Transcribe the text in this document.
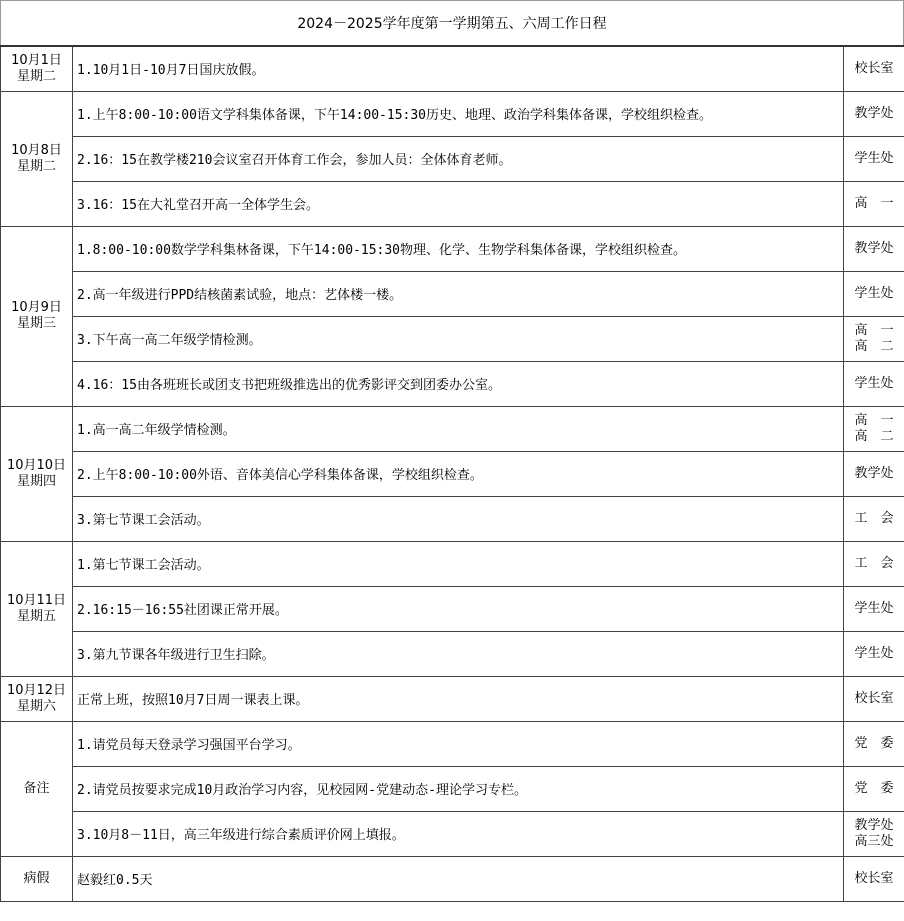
2024－2025学年度第一学期第五、六周工作日程
10月1日
星期二	1.10月1日-10月7日国庆放假。	校长室

10月8日
星期二	1.上午8:00-10:00语文学科集体备课，下午14:00-15:30历史、地理、政治学科集体备课，学校组织检查。	教学处

	2.16：15在教学楼210会议室召开体育工作会，参加人员：全体体育老师。	学生处

	3.16：15在大礼堂召开高一全体学生会。	高　一

10月9日
星期三	1.8:00-10:00数学学科集林备课，下午14:00-15:30物理、化学、生物学科集体备课，学校组织检查。	教学处

	2.高一年级进行PPD结核菌素试验，地点：艺体楼一楼。	学生处

	3.下午高一高二年级学情检测。	高　一
高　二

	4.16：15由各班班长或团支书把班级推选出的优秀影评交到团委办公室。	学生处

10月10日
星期四	1.高一高二年级学情检测。	高　一
高　二

	2.上午8:00-10:00外语、音体美信心学科集体备课，学校组织检查。	教学处

	3.第七节课工会活动。	工　会

10月11日
星期五	1.第七节课工会活动。	工　会

	2.16:15－16:55社团课正常开展。	学生处

	3.第九节课各年级进行卫生扫除。	学生处

10月12日
星期六	正常上班，按照10月7日周一课表上课。	校长室

备注	1.请党员每天登录学习强国平台学习。	党　委

	2.请党员按要求完成10月政治学习内容，见校园网-党建动态-理论学习专栏。	党　委

	3.10月8－11日，高三年级进行综合素质评价网上填报。	教学处
高三处

病假	赵毅红0.5天	校长室
